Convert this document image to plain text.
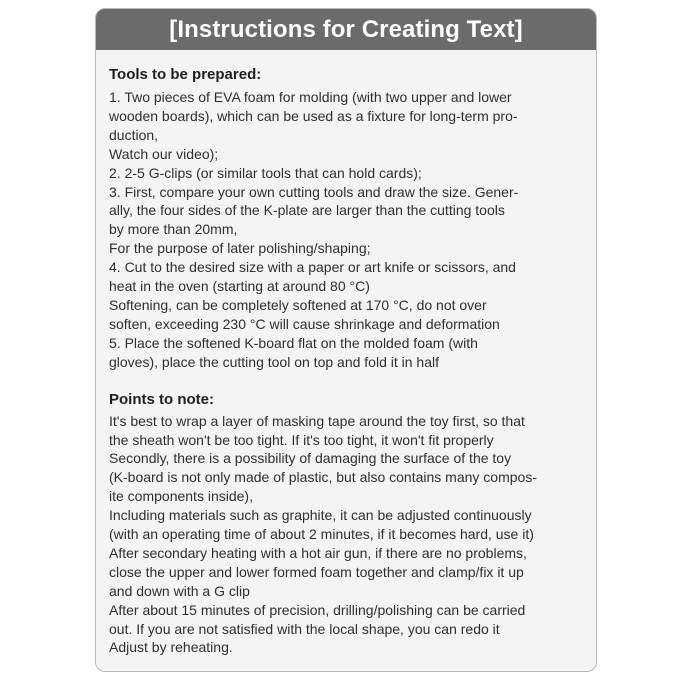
[Instructions for Creating Text]
Tools to be prepared:
1. Two pieces of EVA foam for molding (with two upper and lower
wooden boards), which can be used as a fixture for long-term pro-
duction,
Watch our video);
2. 2-5 G-clips (or similar tools that can hold cards);
3. First, compare your own cutting tools and draw the size. Gener-
ally, the four sides of the K-plate are larger than the cutting tools
by more than 20mm,
For the purpose of later polishing/shaping;
4. Cut to the desired size with a paper or art knife or scissors, and
heat in the oven (starting at around 80 °C)
Softening, can be completely softened at 170 °C, do not over
soften, exceeding 230 °C will cause shrinkage and deformation
5. Place the softened K-board flat on the molded foam (with
gloves), place the cutting tool on top and fold it in half
Points to note:
It's best to wrap a layer of masking tape around the toy first, so that
the sheath won't be too tight. If it's too tight, it won't fit properly
Secondly, there is a possibility of damaging the surface of the toy
(K-board is not only made of plastic, but also contains many compos-
ite components inside),
Including materials such as graphite, it can be adjusted continuously
(with an operating time of about 2 minutes, if it becomes hard, use it)
After secondary heating with a hot air gun, if there are no problems,
close the upper and lower formed foam together and clamp/fix it up
and down with a G clip
After about 15 minutes of precision, drilling/polishing can be carried
out. If you are not satisfied with the local shape, you can redo it
Adjust by reheating.
